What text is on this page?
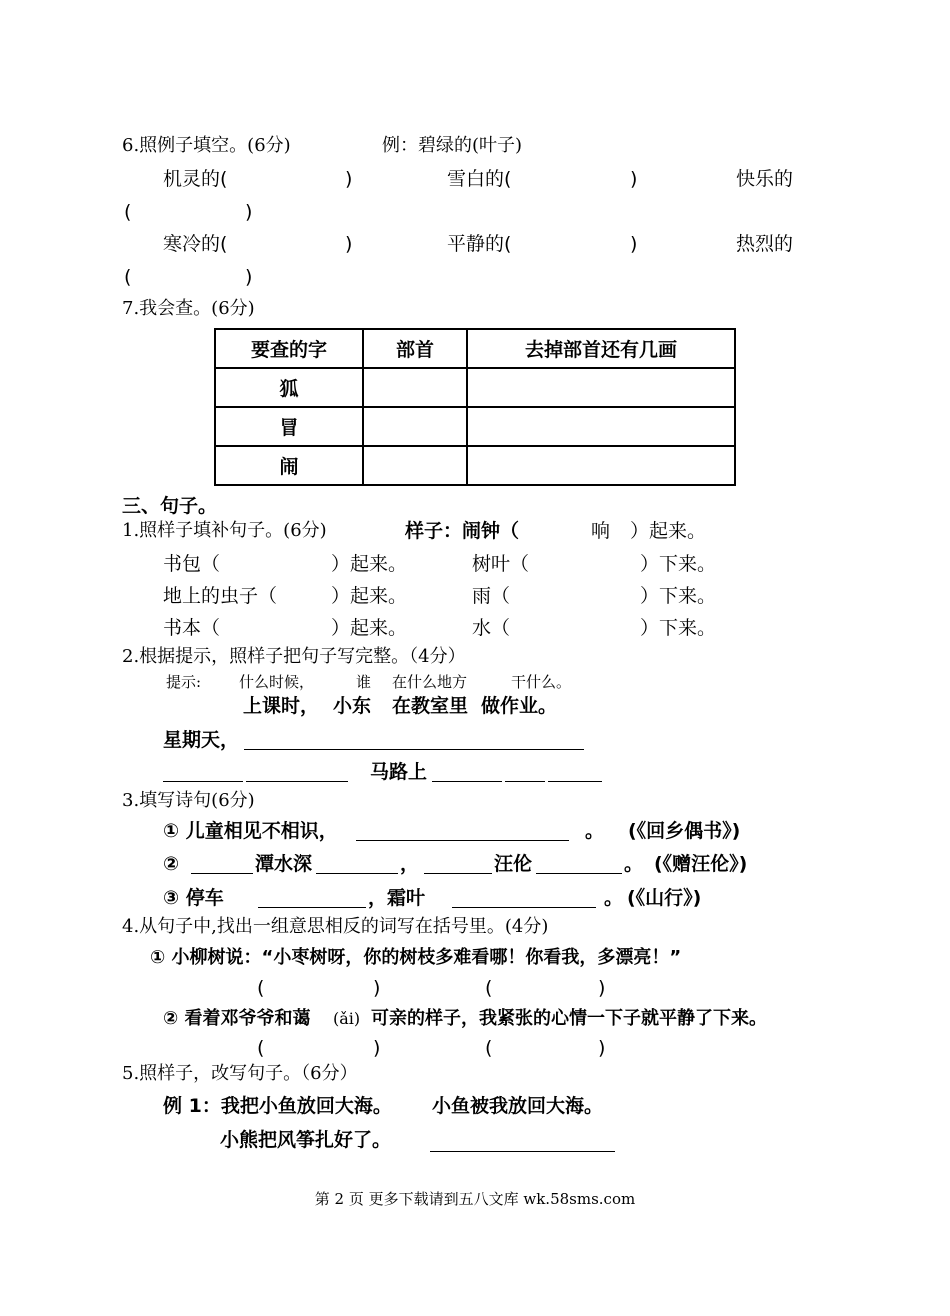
6.照例子填空。(6分)	例：碧绿的(叶子)
机灵的(	)	雪白的(	)	快乐的
(	)
寒冷的(	)	平静的(	)	热烈的
(	)
7.我会查。(6分)
要查的字	部首	去掉部首还有几画
狐		
冒		
闹		
三、句子。
1.照样子填补句子。(6分)	样子：闹钟（	响 ）起来。
书包（	）起来。	树叶（	）下来。
地上的虫子（	）起来。	雨（	）下来。
书本（	）起来。	水（	）下来。
2.根据提示，照样子把句子写完整。（4分）
提示:	什么时候，	谁 在什么地方	干什么。
上课时， 小东 在教室里 做作业。
星期天，
马路上
3.填写诗句(6分)
① 儿童相见不相识，	。 (《回乡偶书》)
②	潭水深	，	汪伦	。 (《赠汪伦》)
③ 停车	，霜叶	。 (《山行》)
4.从句子中,找出一组意思相反的词写在括号里。(4分)
① 小柳树说：“小枣树呀，你的树枝多难看哪！你看我，多漂亮！”
(	)	(	)
② 看着邓爷爷和蔼 (ǎi) 可亲的样子，我紧张的心情一下子就平静了下来。
(	)	(	)
5.照样子，改写句子。（6分）
例 1：我把小鱼放回大海。 小鱼被我放回大海。
小熊把风筝扎好了。
第 2 页 更多下载请到五八文库 wk.58sms.com
